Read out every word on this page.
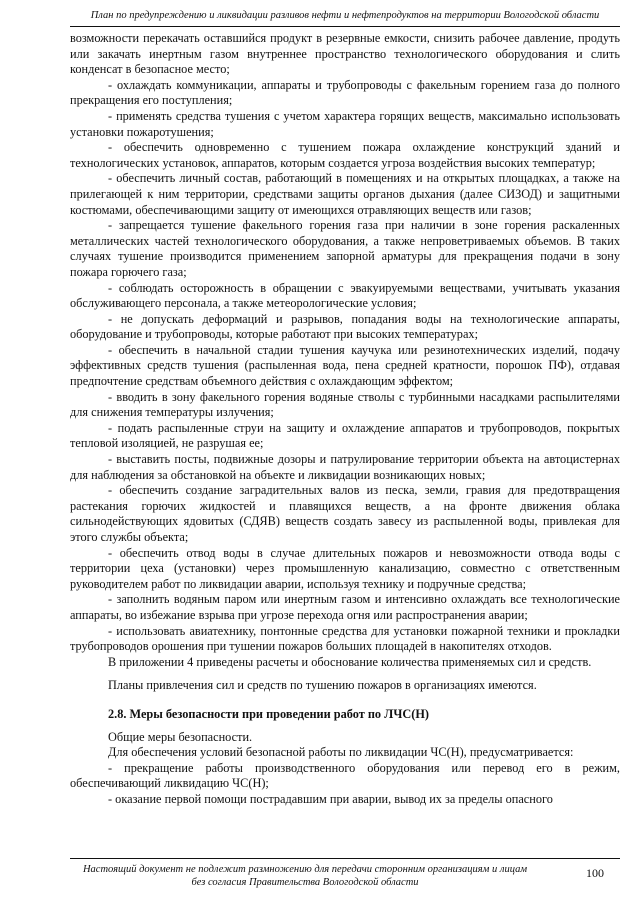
План по предупреждению и ликвидации разливов нефти и нефтепродуктов на территории Вологодской области

возможности перекачать оставшийся продукт в резервные емкости, снизить рабочее давление, продуть или закачать инертным газом внутреннее пространство технологического оборудования и слить конденсат в безопасное место;

- охлаждать коммуникации, аппараты и трубопроводы с факельным горением газа до полного прекращения его поступления;

- применять средства тушения с учетом характера горящих веществ, максимально использовать установки пожаротушения;

- обеспечить одновременно с тушением пожара охлаждение конструкций зданий и технологических установок, аппаратов, которым создается угроза воздействия высоких температур;

- обеспечить личный состав, работающий в помещениях и на открытых площадках, а также на прилегающей к ним территории, средствами защиты органов дыхания (далее СИЗОД) и защитными костюмами, обеспечивающими защиту от имеющихся отравляющих веществ или газов;

- запрещается тушение факельного горения газа при наличии в зоне горения раскаленных металлических частей технологического оборудования, а также непроветриваемых объемов. В таких случаях тушение производится применением запорной арматуры для прекращения подачи в зону пожара горючего газа;

- соблюдать осторожность в обращении с эвакуируемыми веществами, учитывать указания обслуживающего персонала, а также метеорологические условия;

- не допускать деформаций и разрывов, попадания воды на технологические аппараты, оборудование и трубопроводы, которые работают при высоких температурах;

- обеспечить в начальной стадии тушения каучука или резинотехнических изделий, подачу эффективных средств тушения (распыленная вода, пена средней кратности, порошок ПФ), отдавая предпочтение средствам объемного действия с охлаждающим эффектом;

- вводить в зону факельного горения водяные стволы с турбинными насадками распылителями для снижения температуры излучения;

- подать распыленные струи на защиту и охлаждение аппаратов и трубопроводов, покрытых тепловой изоляцией, не разрушая ее;

- выставить посты, подвижные дозоры и патрулирование территории объекта на автоцистернах для наблюдения за обстановкой на объекте и ликвидации возникающих новых;

- обеспечить создание заградительных валов из песка, земли, гравия для предотвращения растекания горючих жидкостей и плавящихся веществ, а на фронте движения облака сильнодействующих ядовитых (СДЯВ) веществ создать завесу из распыленной воды, привлекая для этого службы объекта;

- обеспечить отвод воды в случае длительных пожаров и невозможности отвода воды с территории цеха (установки) через промышленную канализацию, совместно с ответственным руководителем работ по ликвидации аварии, используя технику и подручные средства;

- заполнить водяным паром или инертным газом и интенсивно охлаждать все технологические аппараты, во избежание взрыва при угрозе перехода огня или распространения аварии;

- использовать авиатехнику, понтонные средства для установки пожарной техники и прокладки трубопроводов орошения при тушении пожаров больших площадей в накопителях отходов.

В приложении 4 приведены расчеты и обоснование количества применяемых сил и средств.

Планы привлечения сил и средств по тушению пожаров в организациях имеются.

2.8. Меры безопасности при проведении работ по ЛЧС(Н)

Общие меры безопасности.

Для обеспечения условий безопасной работы по ликвидации ЧС(Н), предусматривается:

- прекращение работы производственного оборудования или перевод его в режим, обеспечивающий ликвидацию ЧС(Н);

- оказание первой помощи пострадавшим при аварии, вывод их за пределы опасного

Настоящий документ не подлежит размножению для передачи сторонним организациям и лицам
без согласия Правительства Вологодской области
100
